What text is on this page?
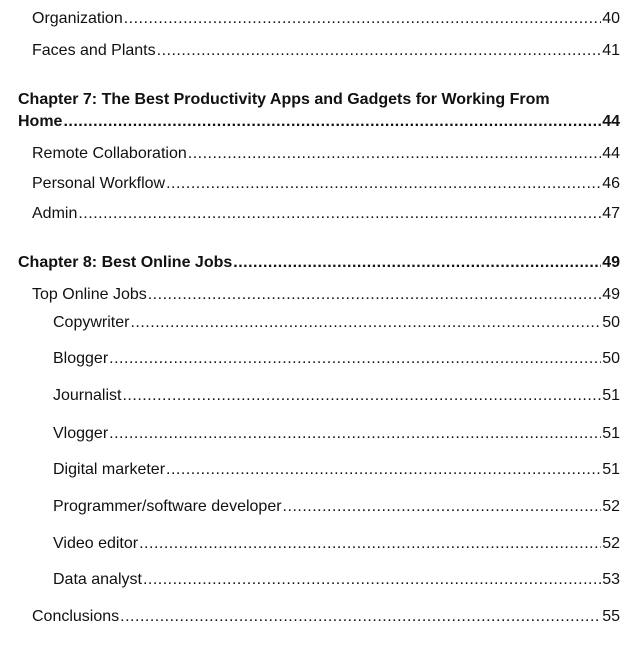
Organization .....	40
Faces and Plants .....	41
Chapter 7: The Best Productivity Apps and Gadgets for Working From
Home .....	44
Remote Collaboration .....	44
Personal Workflow .....	46
Admin .....	47
Chapter 8: Best Online Jobs .....	49
Top Online Jobs .....	49
Copywriter .....	50
Blogger .....	50
Journalist .....	51
Vlogger .....	51
Digital marketer .....	51
Programmer/software developer .....	52
Video editor .....	52
Data analyst .....	53
Conclusions .....	55
